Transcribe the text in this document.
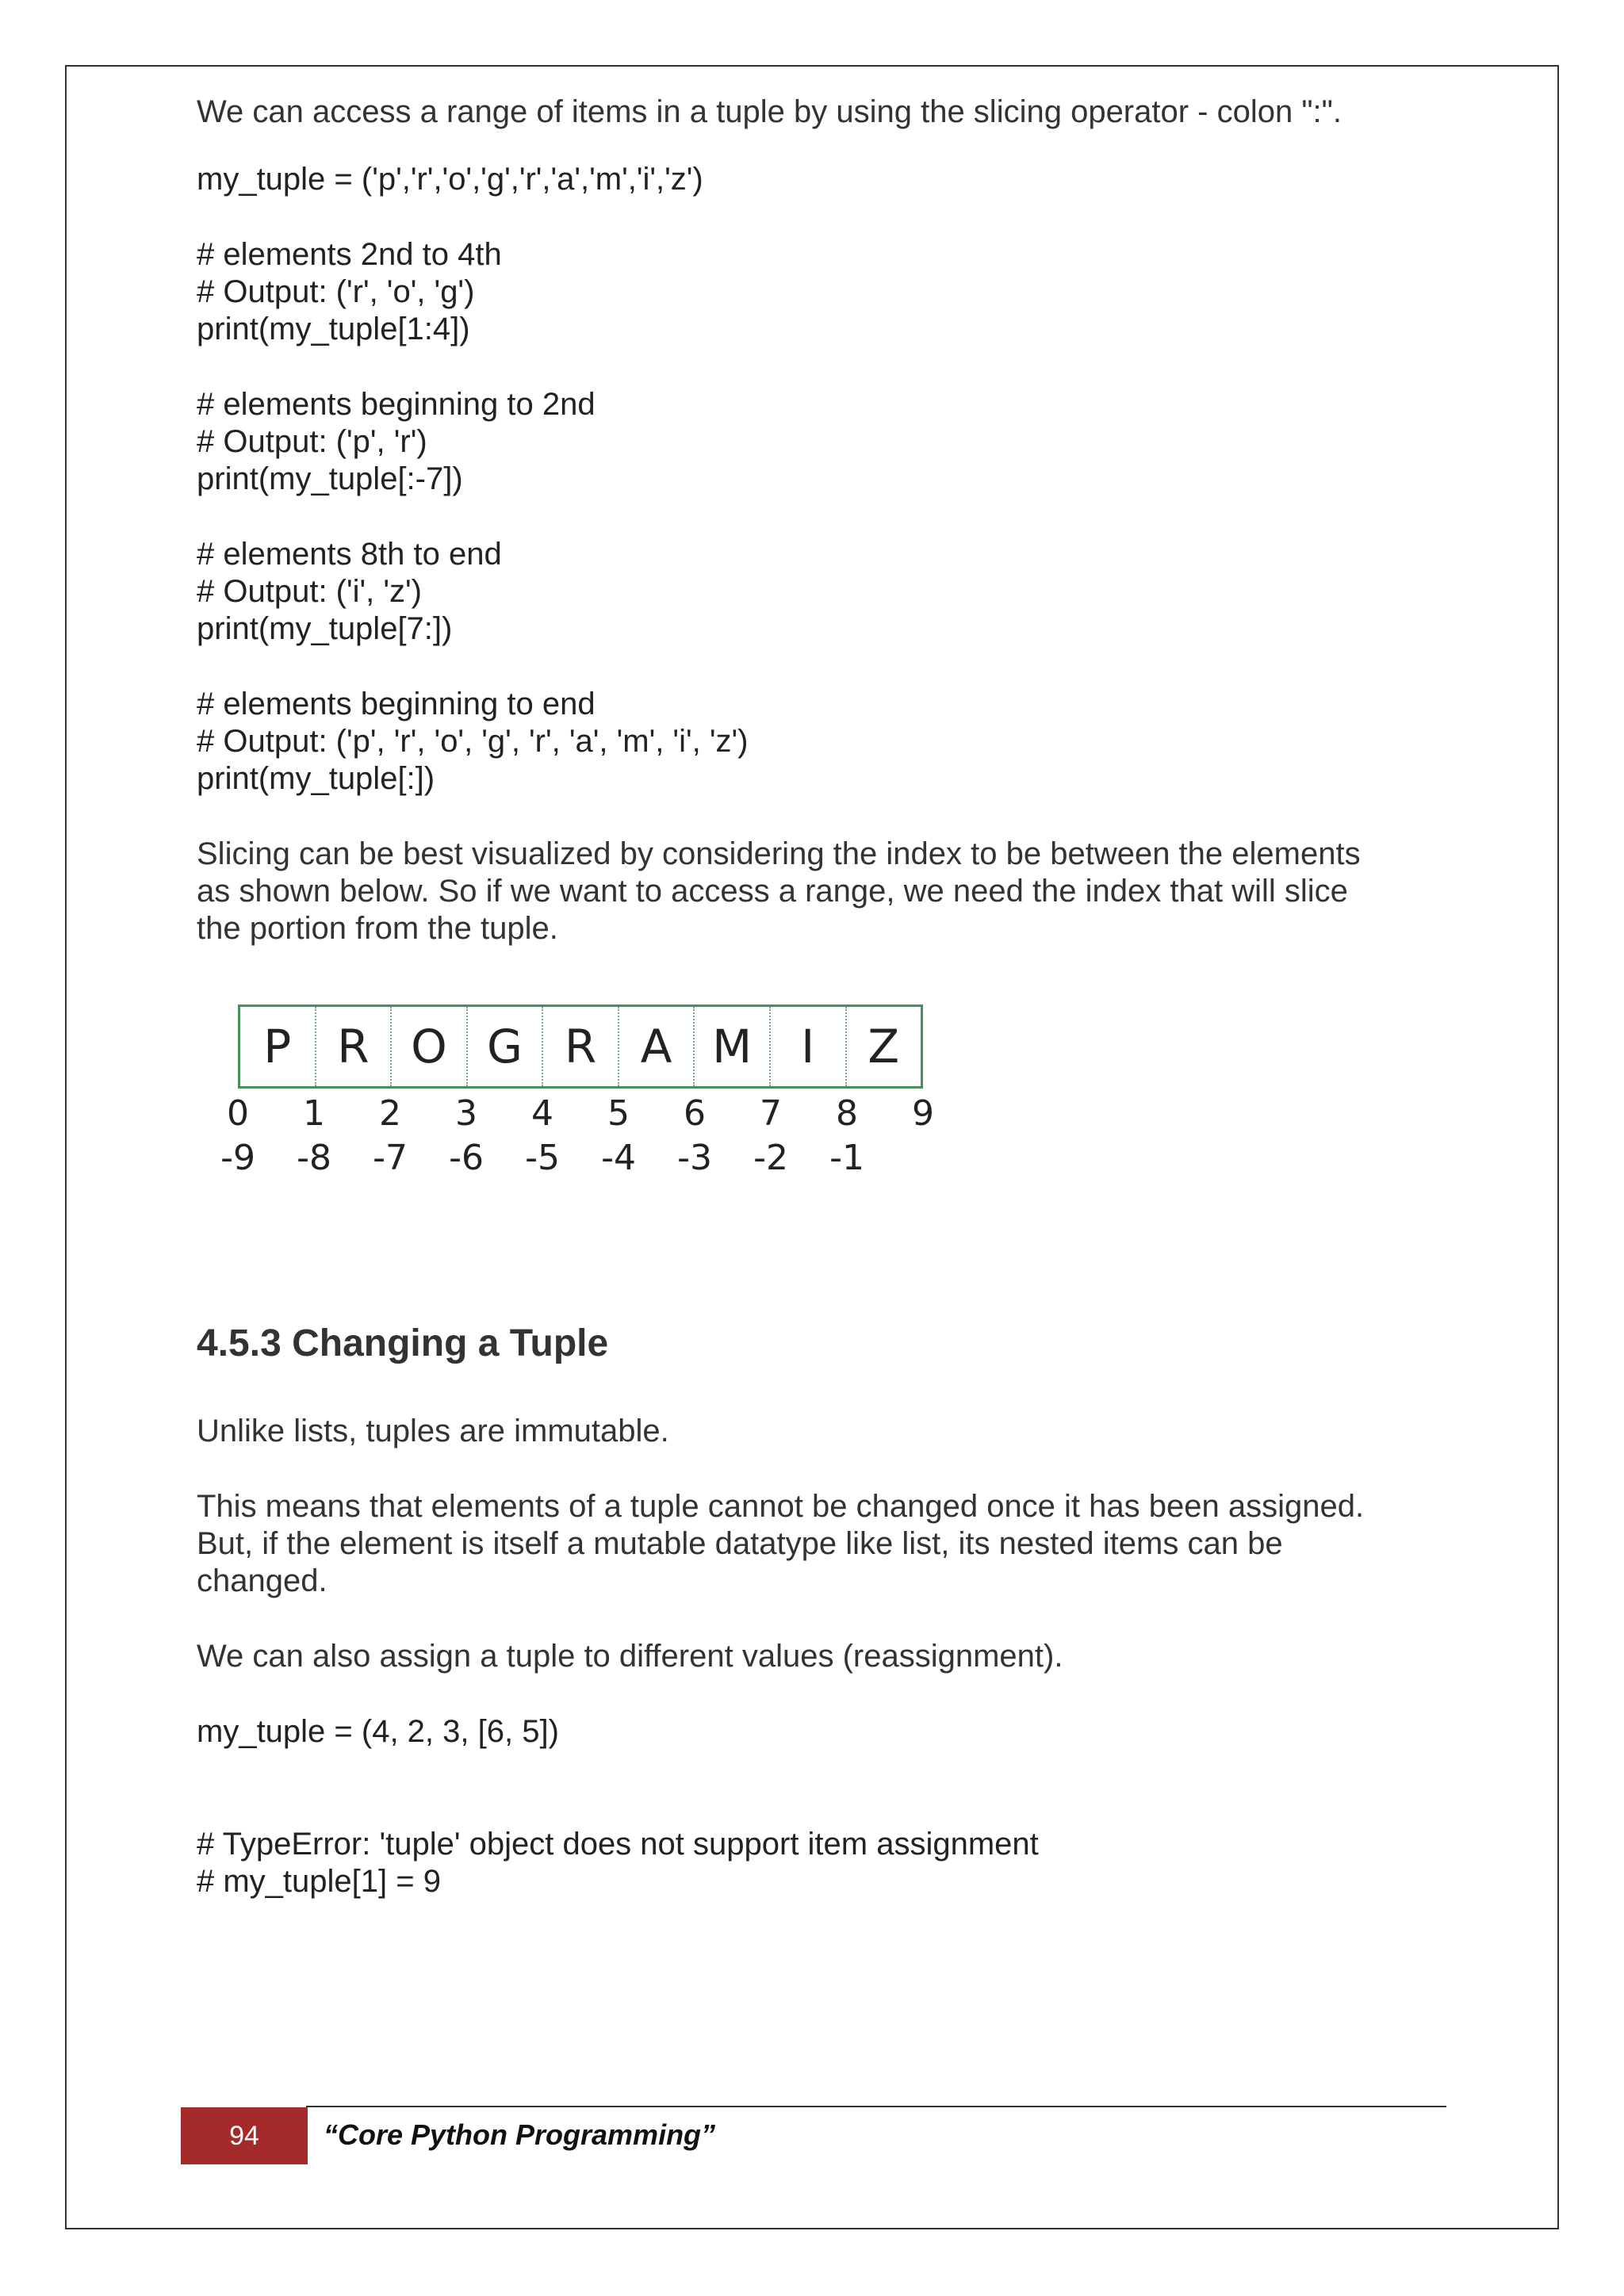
We can access a range of items in a tuple by using the slicing operator - colon ":".

my_tuple = ('p','r','o','g','r','a','m','i','z')
# elements 2nd to 4th
# Output: ('r', 'o', 'g')
print(my_tuple[1:4])
# elements beginning to 2nd
# Output: ('p', 'r')
print(my_tuple[:-7])
# elements 8th to end
# Output: ('i', 'z')
print(my_tuple[7:])
# elements beginning to end
# Output: ('p', 'r', 'o', 'g', 'r', 'a', 'm', 'i', 'z')
print(my_tuple[:])

Slicing can be best visualized by considering the index to be between the elements
as shown below. So if we want to access a range, we need the index that will slice
the portion from the tuple.

P R O G R A M	I	Z
0	1	2	3	4	5	6	7	8	9
-9	-8	-7	-6	-5	-4	-3	-2	-1
4.5.3 Changing a Tuple

Unlike lists, tuples are immutable.

This means that elements of a tuple cannot be changed once it has been assigned.
But, if the element is itself a mutable datatype like list, its nested items can be
changed.

We can also assign a tuple to different values (reassignment).

my_tuple = (4, 2, 3, [6, 5])
# TypeError: 'tuple' object does not support item assignment
# my_tuple[1] = 9
94 “Core Python Programming”
